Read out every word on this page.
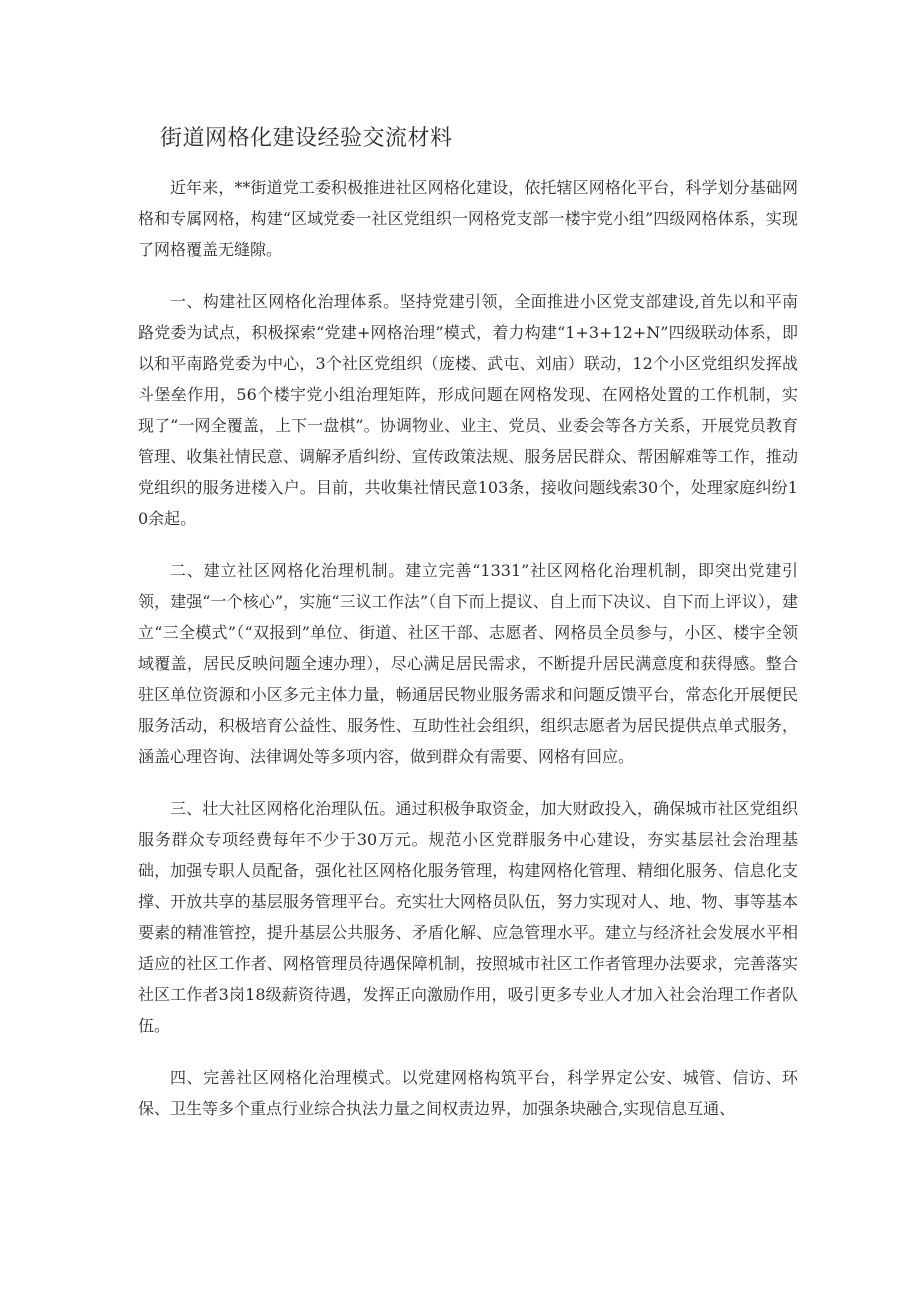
街道网格化建设经验交流材料

近年来，**街道党工委积极推进社区网格化建设，依托辖区网格化平台，科学划分基础网格和专属网格，构建“区域党委一社区党组织一网格党支部一楼宇党小组”四级网格体系，实现了网格覆盖无缝隙。

一、构建社区网格化治理体系。坚持党建引领，全面推进小区党支部建设,首先以和平南路党委为试点，积极探索“党建+网格治理”模式，着力构建“1+3+12+N”四级联动体系，即以和平南路党委为中心，3个社区党组织（庞楼、武屯、刘庙）联动，12个小区党组织发挥战斗堡垒作用，56个楼宇党小组治理矩阵，形成问题在网格发现、在网格处置的工作机制，实现了“一网全覆盖，上下一盘棋”。协调物业、业主、党员、业委会等各方关系，开展党员教育管理、收集社情民意、调解矛盾纠纷、宣传政策法规、服务居民群众、帮困解难等工作，推动党组织的服务进楼入户。目前，共收集社情民意103条，接收问题线索30个，处理家庭纠纷10余起。

二、建立社区网格化治理机制。建立完善“1331”社区网格化治理机制，即突出党建引领，建强“一个核心”，实施“三议工作法”（自下而上提议、自上而下决议、自下而上评议），建立“三全模式”（“双报到”单位、街道、社区干部、志愿者、网格员全员参与，小区、楼宇全领域覆盖，居民反映问题全速办理），尽心满足居民需求，不断提升居民满意度和获得感。整合驻区单位资源和小区多元主体力量，畅通居民物业服务需求和问题反馈平台，常态化开展便民服务活动，积极培育公益性、服务性、互助性社会组织，组织志愿者为居民提供点单式服务，涵盖心理咨询、法律调处等多项内容，做到群众有需要、网格有回应。

三、壮大社区网格化治理队伍。通过积极争取资金，加大财政投入，确保城市社区党组织服务群众专项经费每年不少于30万元。规范小区党群服务中心建设，夯实基层社会治理基础，加强专职人员配备，强化社区网格化服务管理，构建网格化管理、精细化服务、信息化支撑、开放共享的基层服务管理平台。充实壮大网格员队伍，努力实现对人、地、物、事等基本要素的精准管控，提升基层公共服务、矛盾化解、应急管理水平。建立与经济社会发展水平相适应的社区工作者、网格管理员待遇保障机制，按照城市社区工作者管理办法要求，完善落实社区工作者3岗18级薪资待遇，发挥正向激励作用，吸引更多专业人才加入社会治理工作者队伍。

四、完善社区网格化治理模式。以党建网格构筑平台，科学界定公安、城管、信访、环保、卫生等多个重点行业综合执法力量之间权责边界，加强条块融合,实现信息互通、
